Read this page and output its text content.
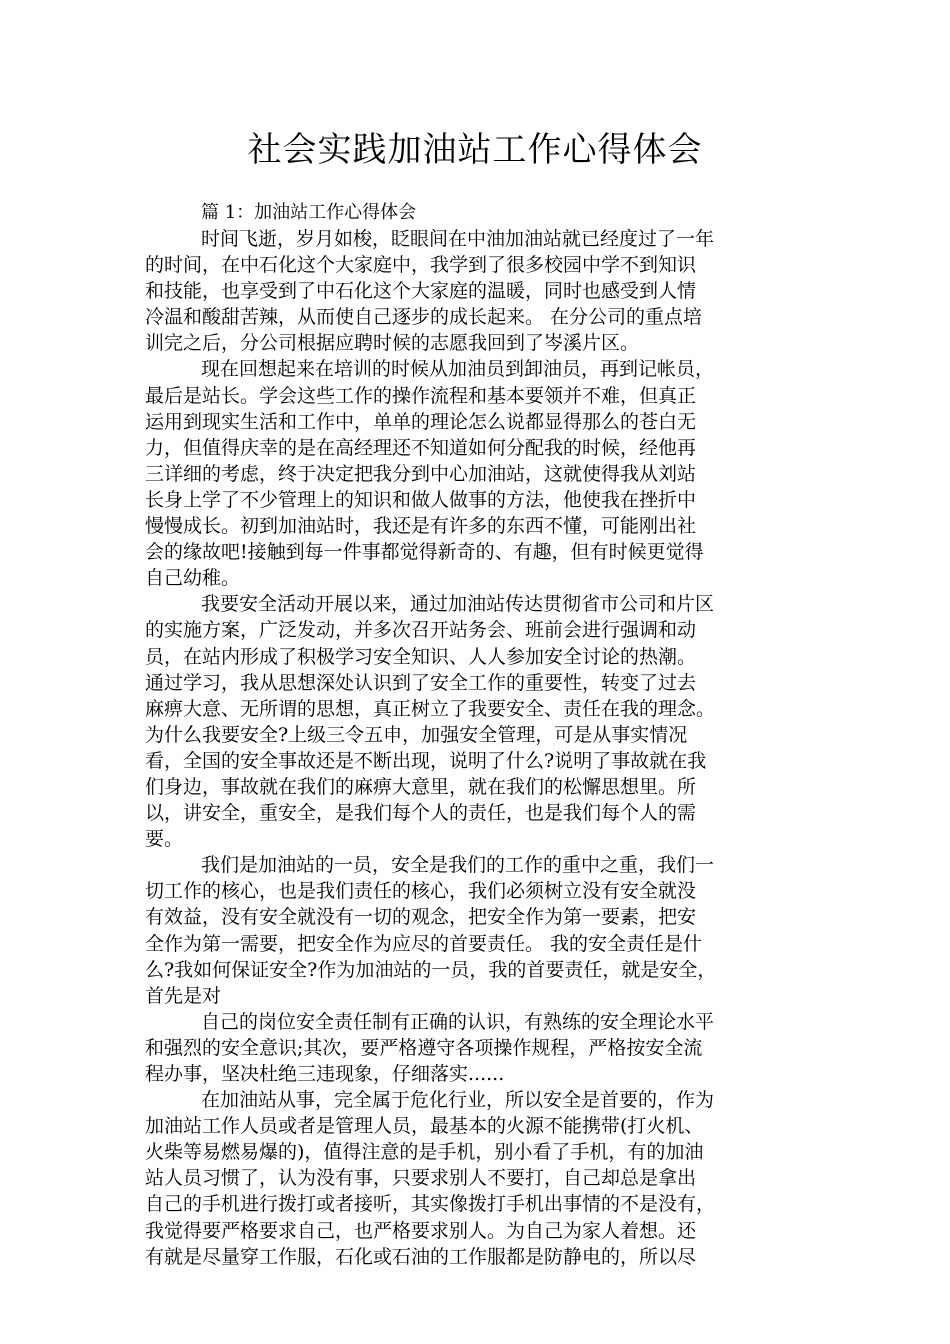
社会实践加油站工作心得体会

篇 1：加油站工作心得体会

时间飞逝，岁月如梭，眨眼间在中油加油站就已经度过了一年
的时间，在中石化这个大家庭中，我学到了很多校园中学不到知识
和技能，也享受到了中石化这个大家庭的温暖，同时也感受到人情
冷温和酸甜苦辣，从而使自己逐步的成长起来。 在分公司的重点培
训完之后，分公司根据应聘时候的志愿我回到了岑溪片区。
现在回想起来在培训的时候从加油员到卸油员，再到记帐员，
最后是站长。学会这些工作的操作流程和基本要领并不难，但真正
运用到现实生活和工作中，单单的理论怎么说都显得那么的苍白无
力，但值得庆幸的是在高经理还不知道如何分配我的时候，经他再
三详细的考虑，终于决定把我分到中心加油站，这就使得我从刘站
长身上学了不少管理上的知识和做人做事的方法，他使我在挫折中
慢慢成长。初到加油站时，我还是有许多的东西不懂，可能刚出社
会的缘故吧!接触到每一件事都觉得新奇的、有趣，但有时候更觉得
自己幼稚。
我要安全活动开展以来，通过加油站传达贯彻省市公司和片区
的实施方案，广泛发动，并多次召开站务会、班前会进行强调和动
员，在站内形成了积极学习安全知识、人人参加安全讨论的热潮。
通过学习，我从思想深处认识到了安全工作的重要性，转变了过去
麻痹大意、无所谓的思想，真正树立了我要安全、责任在我的理念。
为什么我要安全?上级三令五申，加强安全管理，可是从事实情况
看，全国的安全事故还是不断出现，说明了什么?说明了事故就在我
们身边，事故就在我们的麻痹大意里，就在我们的松懈思想里。所
以，讲安全，重安全，是我们每个人的责任，也是我们每个人的需
要。
我们是加油站的一员，安全是我们的工作的重中之重，我们一
切工作的核心，也是我们责任的核心，我们必须树立没有安全就没
有效益，没有安全就没有一切的观念，把安全作为第一要素，把安
全作为第一需要，把安全作为应尽的首要责任。 我的安全责任是什
么?我如何保证安全?作为加油站的一员，我的首要责任，就是安全，
首先是对
自己的岗位安全责任制有正确的认识，有熟练的安全理论水平
和强烈的安全意识;其次，要严格遵守各项操作规程，严格按安全流
程办事，坚决杜绝三违现象，仔细落实......
在加油站从事，完全属于危化行业，所以安全是首要的，作为
加油站工作人员或者是管理人员，最基本的火源不能携带(打火机、
火柴等易燃易爆的)，值得注意的是手机，别小看了手机，有的加油
站人员习惯了，认为没有事，只要求别人不要打，自己却总是拿出
自己的手机进行拨打或者接听，其实像拨打手机出事情的不是没有，
我觉得要严格要求自己，也严格要求别人。为自己为家人着想。还
有就是尽量穿工作服，石化或石油的工作服都是防静电的，所以尽
